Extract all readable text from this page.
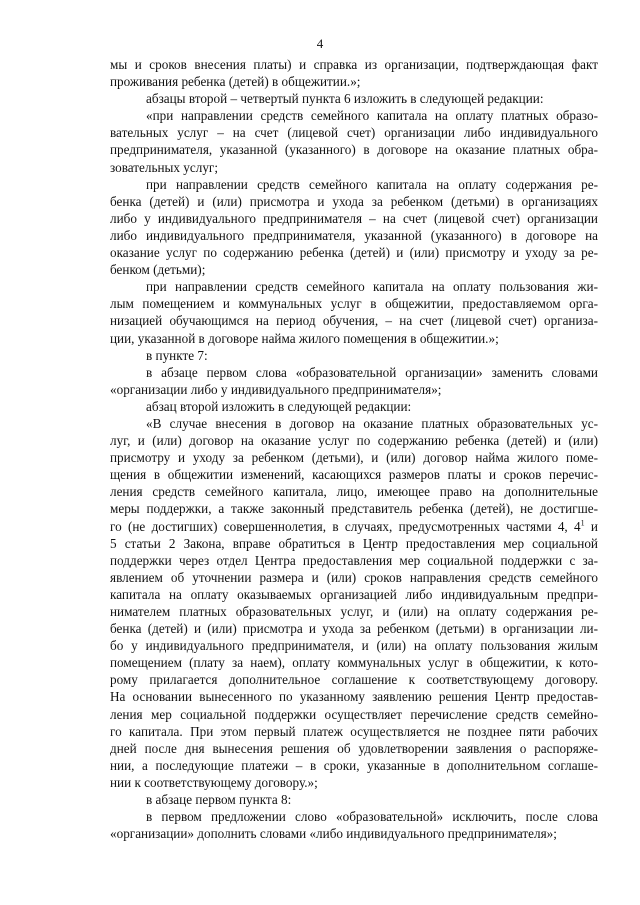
4
мы и сроков внесения платы) и справка из организации, подтверждающая факт
проживания ребенка (детей) в общежитии.»;
абзацы второй – четвертый пункта 6 изложить в следующей редакции:
«при направлении средств семейного капитала на оплату платных образо-
вательных услуг – на счет (лицевой счет) организации либо индивидуального
предпринимателя, указанной (указанного) в договоре на оказание платных обра-
зовательных услуг;
при направлении средств семейного капитала на оплату содержания ре-
бенка (детей) и (или) присмотра и ухода за ребенком (детьми) в организациях
либо у индивидуального предпринимателя – на счет (лицевой счет) организации
либо индивидуального предпринимателя, указанной (указанного) в договоре на
оказание услуг по содержанию ребенка (детей) и (или) присмотру и уходу за ре-
бенком (детьми);
при направлении средств семейного капитала на оплату пользования жи-
лым помещением и коммунальных услуг в общежитии, предоставляемом орга-
низацией обучающимся на период обучения, – на счет (лицевой счет) организа-
ции, указанной в договоре найма жилого помещения в общежитии.»;
в пункте 7:
в абзаце первом слова «образовательной организации» заменить словами
«организации либо у индивидуального предпринимателя»;
абзац второй изложить в следующей редакции:
«В случае внесения в договор на оказание платных образовательных ус-
луг, и (или) договор на оказание услуг по содержанию ребенка (детей) и (или)
присмотру и уходу за ребенком (детьми), и (или) договор найма жилого поме-
щения в общежитии изменений, касающихся размеров платы и сроков перечис-
ления средств семейного капитала, лицо, имеющее право на дополнительные
меры поддержки, а также законный представитель ребенка (детей), не достигше-
го (не достигших) совершеннолетия, в случаях, предусмотренных частями 4, $4^1$ и
5 статьи 2 Закона, вправе обратиться в Центр предоставления мер социальной
поддержки через отдел Центра предоставления мер социальной поддержки с за-
явлением об уточнении размера и (или) сроков направления средств семейного
капитала на оплату оказываемых организацией либо индивидуальным предпри-
нимателем платных образовательных услуг, и (или) на оплату содержания ре-
бенка (детей) и (или) присмотра и ухода за ребенком (детьми) в организации ли-
бо у индивидуального предпринимателя, и (или) на оплату пользования жилым
помещением (плату за наем), оплату коммунальных услуг в общежитии, к кото-
рому прилагается дополнительное соглашение к соответствующему договору.
На основании вынесенного по указанному заявлению решения Центр предостав-
ления мер социальной поддержки осуществляет перечисление средств семейно-
го капитала. При этом первый платеж осуществляется не позднее пяти рабочих
дней после дня вынесения решения об удовлетворении заявления о распоряже-
нии, а последующие платежи – в сроки, указанные в дополнительном соглаше-
нии к соответствующему договору.»;
в абзаце первом пункта 8:
в первом предложении слово «образовательной» исключить, после слова
«организации» дополнить словами «либо индивидуального предпринимателя»;
